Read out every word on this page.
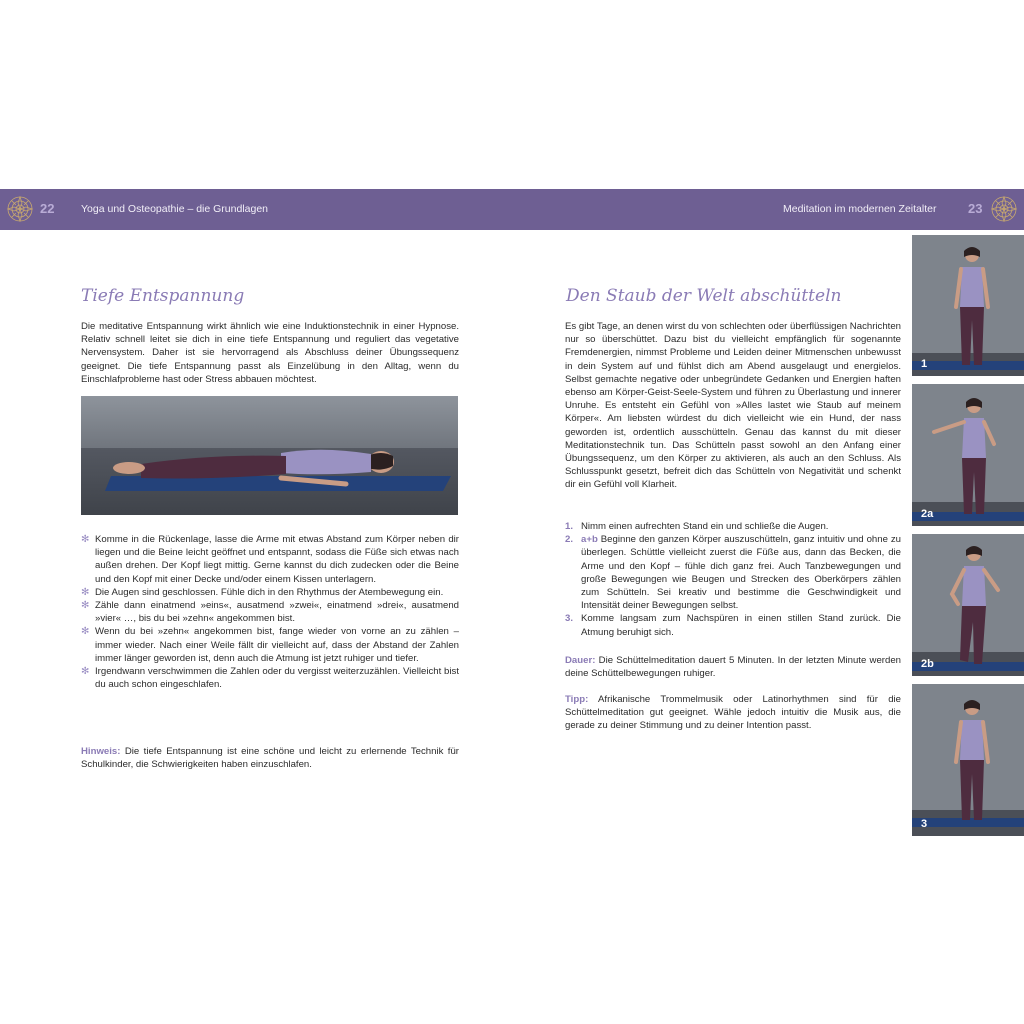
22	Yoga und Osteopathie – die Grundlagen	Meditation im modernen Zeitalter 23
Tiefe Entspannung

Die meditative Entspannung wirkt ähnlich wie eine Induktionstechnik in einer Hypnose. Relativ schnell leitet sie dich in eine tiefe Entspannung und reguliert das vegetative Nervensystem. Daher ist sie hervorragend als Abschluss deiner Übungssequenz geeignet. Die tiefe Entspannung passt als Einzelübung in den Alltag, wenn du Einschlafprobleme hast oder Stress abbauen möchtest.

✻ Komme in die Rückenlage, lasse die Arme mit etwas Abstand zum Körper neben dir liegen und die Beine leicht geöffnet und entspannt, sodass die Füße sich etwas nach außen drehen. Der Kopf liegt mittig. Gerne kannst du dich zudecken oder die Beine und den Kopf mit einer Decke und/oder einem Kissen unterlagern.
✻ Die Augen sind geschlossen. Fühle dich in den Rhythmus der Atembewegung ein.
✻ Zähle dann einatmend »eins«, ausatmend »zwei«, einatmend »drei«, ausatmend »vier« …, bis du bei »zehn« angekommen bist.
✻ Wenn du bei »zehn« angekommen bist, fange wieder von vorne an zu zählen – immer wieder. Nach einer Weile fällt dir vielleicht auf, dass der Abstand der Zahlen immer länger geworden ist, denn auch die Atmung ist jetzt ruhiger und tiefer.
✻ Irgendwann verschwimmen die Zahlen oder du vergisst weiterzuzählen. Vielleicht bist du auch schon eingeschlafen.

Hinweis: Die tiefe Entspannung ist eine schöne und leicht zu erlernende Technik für Schulkinder, die Schwierigkeiten haben einzuschlafen.

Den Staub der Welt abschütteln

Es gibt Tage, an denen wirst du von schlechten oder überflüssigen Nachrichten nur so überschüttet. Dazu bist du vielleicht empfänglich für sogenannte Fremdenergien, nimmst Probleme und Leiden deiner Mitmenschen unbewusst in dein System auf und fühlst dich am Abend ausgelaugt und energielos. Selbst gemachte negative oder unbegründete Gedanken und Energien haften ebenso am Körper-Geist-Seele-System und führen zu Überlastung und innerer Unruhe. Es entsteht ein Gefühl von »Alles lastet wie Staub auf meinem Körper«. Am liebsten würdest du dich vielleicht wie ein Hund, der nass geworden ist, ordentlich ausschütteln. Genau das kannst du mit dieser Meditationstechnik tun. Das Schütteln passt sowohl an den Anfang einer Übungssequenz, um den Körper zu aktivieren, als auch an den Schluss. Als Schlusspunkt gesetzt, befreit dich das Schütteln von Negativität und schenkt dir ein Gefühl voll Klarheit.

1. Nimm einen aufrechten Stand ein und schließe die Augen.
2. a+b Beginne den ganzen Körper auszuschütteln, ganz intuitiv und ohne zu überlegen. Schüttle vielleicht zuerst die Füße aus, dann das Becken, die Arme und den Kopf – fühle dich ganz frei. Auch Tanzbewegungen und große Bewegungen wie Beugen und Strecken des Oberkörpers zählen zum Schütteln. Sei kreativ und bestimme die Geschwindigkeit und Intensität deiner Bewegungen selbst.
3. Komme langsam zum Nachspüren in einen stillen Stand zurück. Die Atmung beruhigt sich.

Dauer: Die Schüttelmeditation dauert 5 Minuten. In der letzten Minute werden deine Schüttelbewegungen ruhiger.

Tipp: Afrikanische Trommelmusik oder Latinorhythmen sind für die Schüttelmeditation gut geeignet. Wähle jedoch intuitiv die Musik aus, die gerade zu deiner Stimmung und zu deiner Intention passt.

1
2a
2b
3
